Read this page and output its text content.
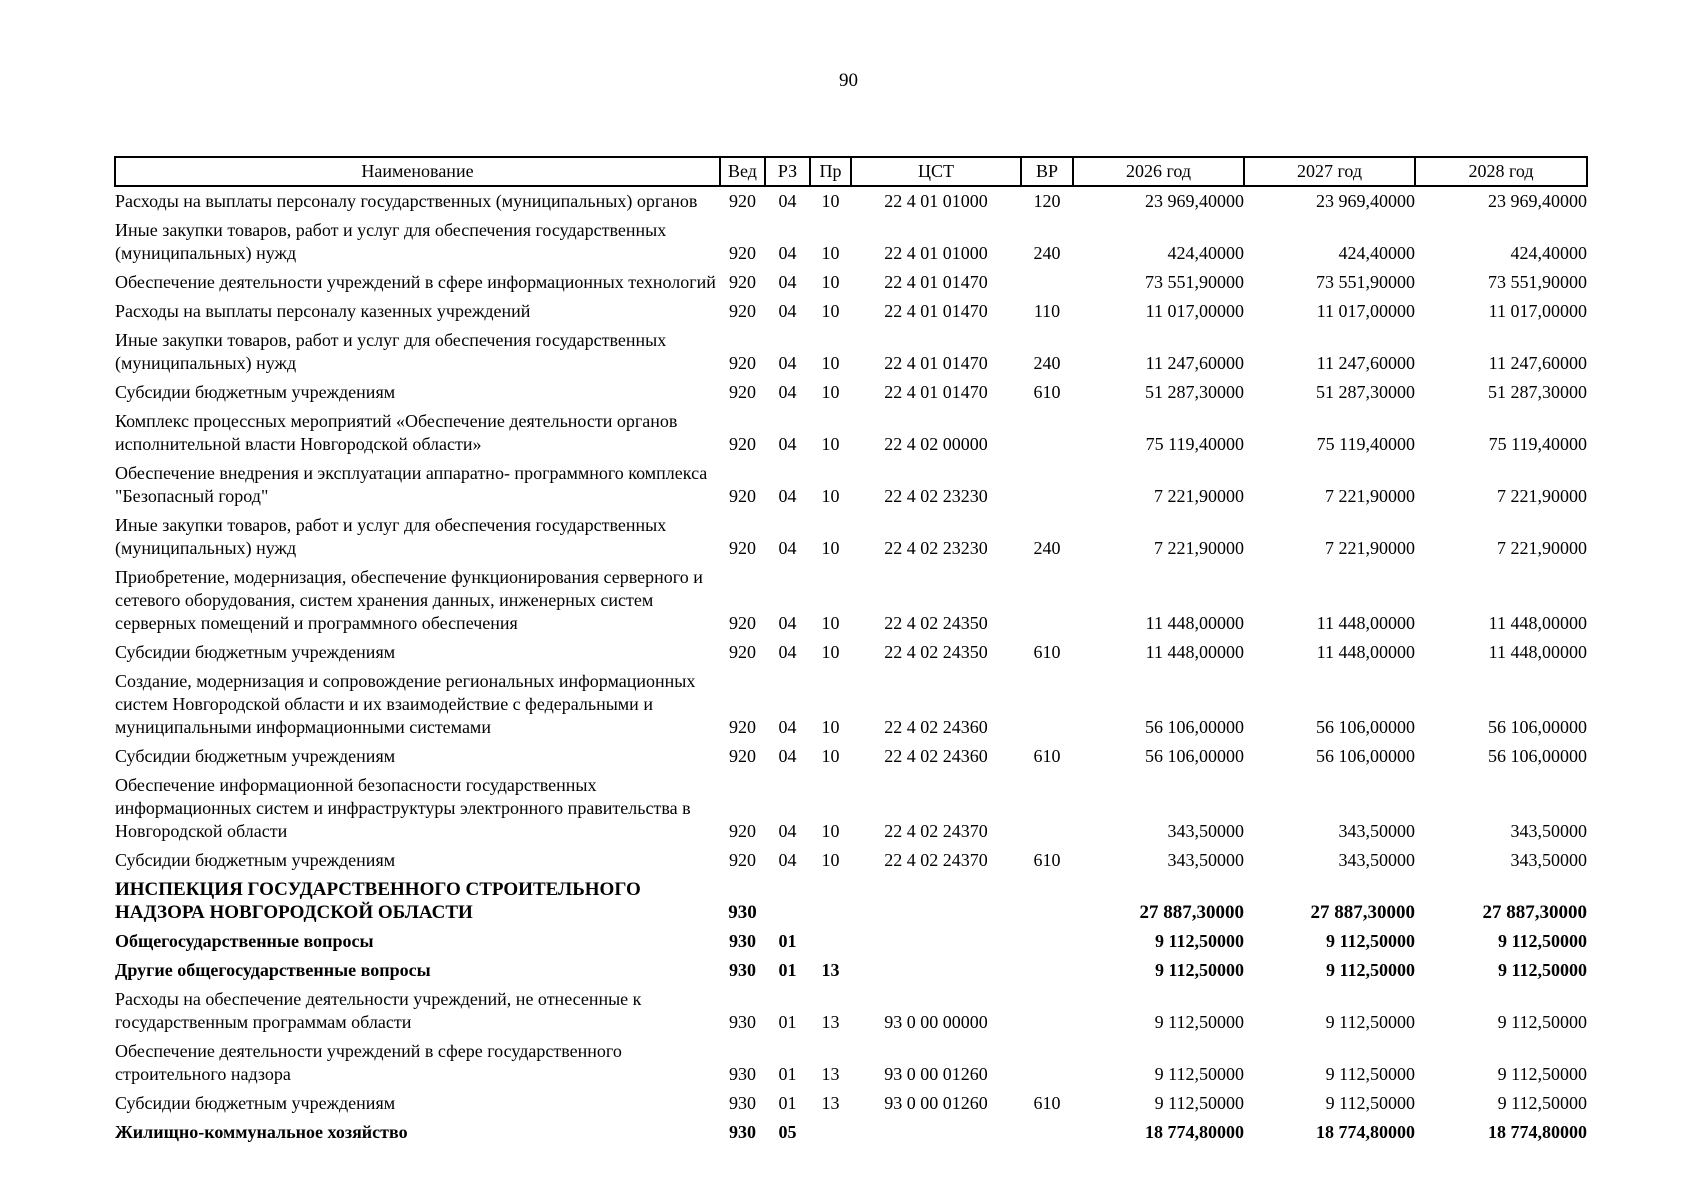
90
Наименование	Вед	РЗ	Пр	ЦСТ	ВР	2026 год	2027 год	2028 год
Расходы на выплаты персоналу государственных (муниципальных) органов	920	04	10	22 4 01 01000	120	23 969,40000	23 969,40000	23 969,40000
Иные закупки товаров, работ и услуг для обеспечения государственных (муниципальных) нужд	920	04	10	22 4 01 01000	240	424,40000	424,40000	424,40000
Обеспечение деятельности учреждений в сфере информационных технологий	920	04	10	22 4 01 01470		73 551,90000	73 551,90000	73 551,90000
Расходы на выплаты персоналу казенных учреждений	920	04	10	22 4 01 01470	110	11 017,00000	11 017,00000	11 017,00000
Иные закупки товаров, работ и услуг для обеспечения государственных (муниципальных) нужд	920	04	10	22 4 01 01470	240	11 247,60000	11 247,60000	11 247,60000
Субсидии бюджетным учреждениям	920	04	10	22 4 01 01470	610	51 287,30000	51 287,30000	51 287,30000
Комплекс процессных мероприятий «Обеспечение деятельности органов исполнительной власти Новгородской области»	920	04	10	22 4 02 00000		75 119,40000	75 119,40000	75 119,40000
Обеспечение внедрения и эксплуатации аппаратно- программного комплекса "Безопасный город"	920	04	10	22 4 02 23230		7 221,90000	7 221,90000	7 221,90000
Иные закупки товаров, работ и услуг для обеспечения государственных (муниципальных) нужд	920	04	10	22 4 02 23230	240	7 221,90000	7 221,90000	7 221,90000
Приобретение, модернизация, обеспечение функционирования серверного и сетевого оборудования, систем хранения данных, инженерных систем серверных помещений и программного обеспечения	920	04	10	22 4 02 24350		11 448,00000	11 448,00000	11 448,00000
Субсидии бюджетным учреждениям	920	04	10	22 4 02 24350	610	11 448,00000	11 448,00000	11 448,00000
Создание, модернизация и сопровождение региональных информационных систем Новгородской области и их взаимодействие с федеральными и муниципальными информационными системами	920	04	10	22 4 02 24360		56 106,00000	56 106,00000	56 106,00000
Субсидии бюджетным учреждениям	920	04	10	22 4 02 24360	610	56 106,00000	56 106,00000	56 106,00000
Обеспечение информационной безопасности государственных информационных систем и инфраструктуры электронного правительства в Новгородской области	920	04	10	22 4 02 24370		343,50000	343,50000	343,50000
Субсидии бюджетным учреждениям	920	04	10	22 4 02 24370	610	343,50000	343,50000	343,50000
ИНСПЕКЦИЯ ГОСУДАРСТВЕННОГО СТРОИТЕЛЬНОГО НАДЗОРА НОВГОРОДСКОЙ ОБЛАСТИ	930					27 887,30000	27 887,30000	27 887,30000
Общегосударственные вопросы	930	01				9 112,50000	9 112,50000	9 112,50000
Другие общегосударственные вопросы	930	01	13			9 112,50000	9 112,50000	9 112,50000
Расходы на обеспечение деятельности учреждений, не отнесенные к государственным программам области	930	01	13	93 0 00 00000		9 112,50000	9 112,50000	9 112,50000
Обеспечение деятельности учреждений в сфере государственного строительного надзора	930	01	13	93 0 00 01260		9 112,50000	9 112,50000	9 112,50000
Субсидии бюджетным учреждениям	930	01	13	93 0 00 01260	610	9 112,50000	9 112,50000	9 112,50000
Жилищно-коммунальное хозяйство	930	05				18 774,80000	18 774,80000	18 774,80000
